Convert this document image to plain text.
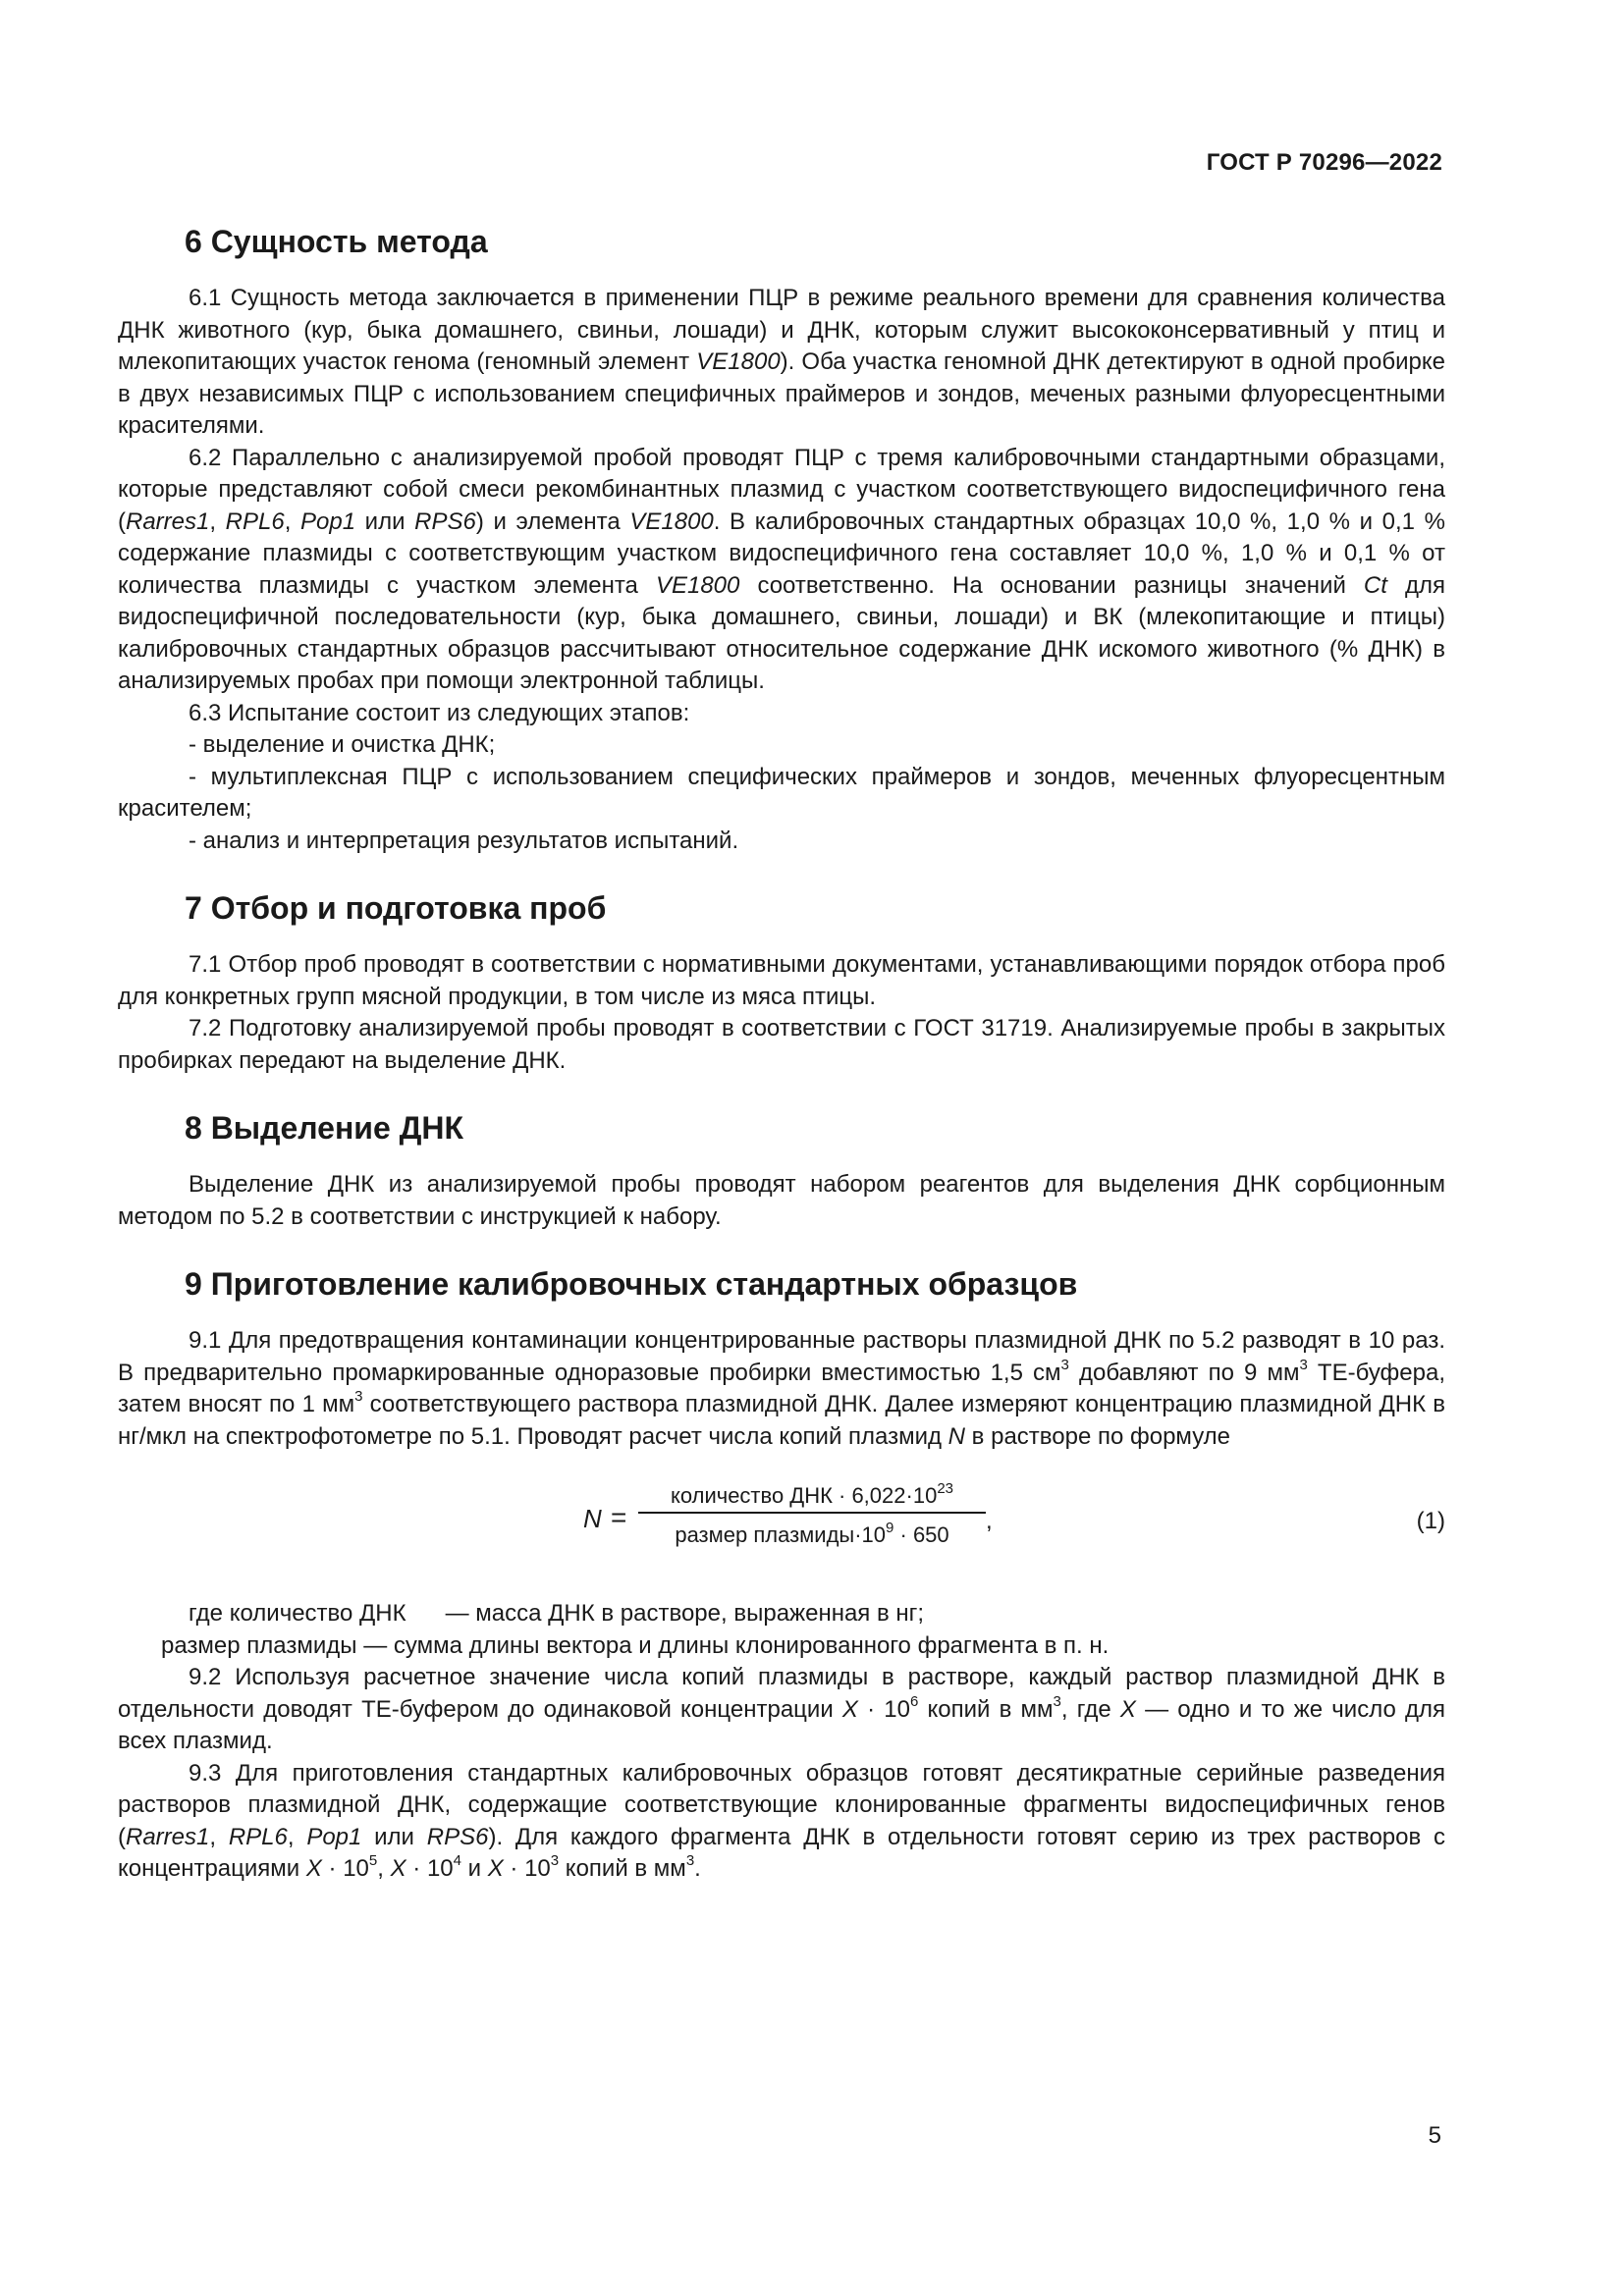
ГОСТ Р 70296—2022
6 Сущность метода

6.1 Сущность метода заключается в применении ПЦР в режиме реального времени для сравнения количества ДНК животного (кур, быка домашнего, свиньи, лошади) и ДНК, которым служит высококонсервативный у птиц и млекопитающих участок генома (геномный элемент VE1800). Оба участка геномной ДНК детектируют в одной пробирке в двух независимых ПЦР с использованием специфичных праймеров и зондов, меченых разными флуоресцентными красителями.

6.2 Параллельно с анализируемой пробой проводят ПЦР с тремя калибровочными стандартными образцами, которые представляют собой смеси рекомбинантных плазмид с участком соответствующего видоспецифичного гена (Rarres1, RPL6, Pop1 или RPS6) и элемента VE1800. В калибровочных стандартных образцах 10,0 %, 1,0 % и 0,1 % содержание плазмиды с соответствующим участком видоспецифичного гена составляет 10,0 %, 1,0 % и 0,1 % от количества плазмиды с участком элемента VE1800 соответственно. На основании разницы значений Ct для видоспецифичной последовательности (кур, быка домашнего, свиньи, лошади) и ВК (млекопитающие и птицы) калибровочных стандартных образцов рассчитывают относительное содержание ДНК искомого животного (% ДНК) в анализируемых пробах при помощи электронной таблицы.

6.3 Испытание состоит из следующих этапов:

- выделение и очистка ДНК;

- мультиплексная ПЦР с использованием специфических праймеров и зондов, меченных флуоресцентным красителем;

- анализ и интерпретация результатов испытаний.

7 Отбор и подготовка проб

7.1 Отбор проб проводят в соответствии с нормативными документами, устанавливающими порядок отбора проб для конкретных групп мясной продукции, в том числе из мяса птицы.

7.2 Подготовку анализируемой пробы проводят в соответствии с ГОСТ 31719. Анализируемые пробы в закрытых пробирках передают на выделение ДНК.

8 Выделение ДНК

Выделение ДНК из анализируемой пробы проводят набором реагентов для выделения ДНК сорбционным методом по 5.2 в соответствии с инструкцией к набору.

9 Приготовление калибровочных стандартных образцов

9.1 Для предотвращения контаминации концентрированные растворы плазмидной ДНК по 5.2 разводят в 10 раз. В предварительно промаркированные одноразовые пробирки вместимостью 1,5 $см^3$ добавляют по 9 $мм^3$ ТЕ-буфера, затем вносят по 1 $мм^3$ соответствующего раствора плазмидной ДНК. Далее измеряют концентрацию плазмидной ДНК в нг/мкл на спектрофотометре по 5.1. Проводят расчет числа копий плазмид N в растворе по формуле

N =
количество ДНК · $6,022\cdot 10^{23}$
размер $плазмиды\cdot 10^9 \cdot 650$
,	(1)

где количество ДНК — масса ДНК в растворе, выраженная в нг;

размер плазмиды — сумма длины вектора и длины клонированного фрагмента в п. н.

9.2 Используя расчетное значение числа копий плазмиды в растворе, каждый раствор плазмидной ДНК в отдельности доводят ТЕ-буфером до одинаковой концентрации $X \cdot 10^6$ копий в $мм^3$, где X — одно и то же число для всех плазмид.

9.3 Для приготовления стандартных калибровочных образцов готовят десятикратные серийные разведения растворов плазмидной ДНК, содержащие соответствующие клонированные фрагменты видоспецифичных генов (Rarres1, RPL6, Pop1 или RPS6). Для каждого фрагмента ДНК в отдельности готовят серию из трех растворов с концентрациями $X \cdot 10^5$, $X \cdot 10^4$ и $X \cdot 10^3$ копий в $мм^3$.

5
